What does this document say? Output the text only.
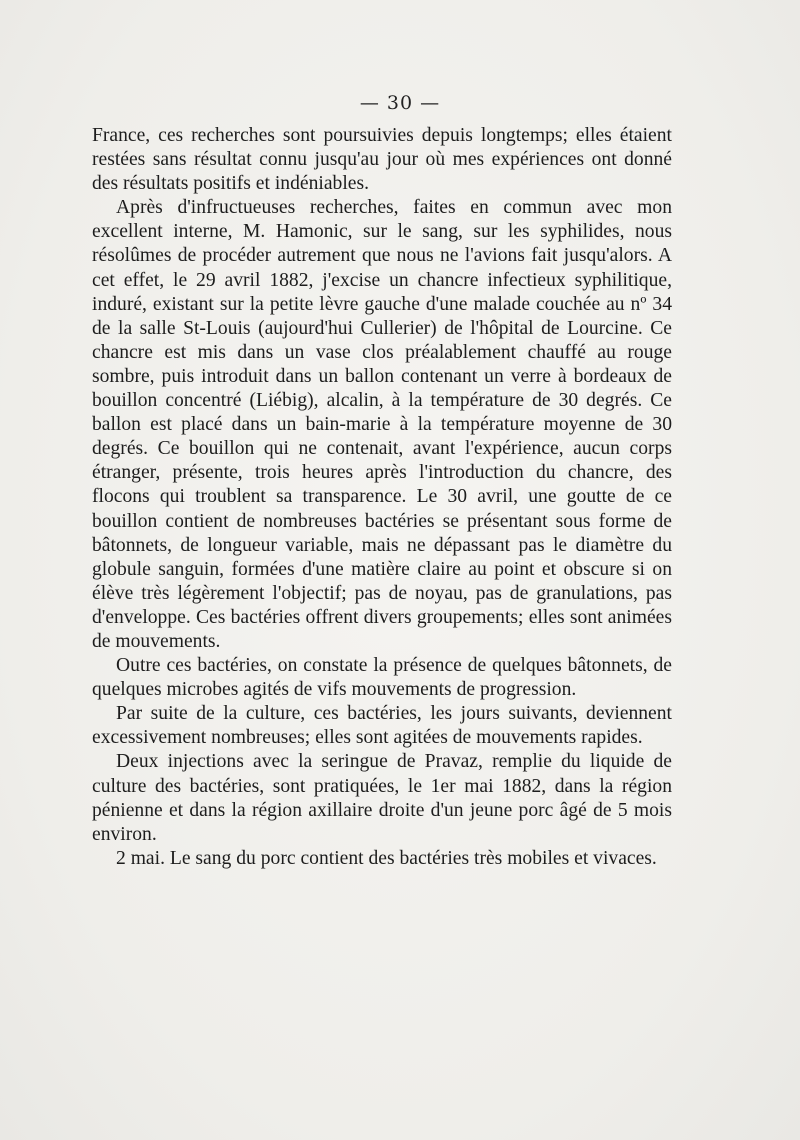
— 30 —

France, ces recherches sont poursuivies depuis longtemps; elles étaient restées sans résultat connu jusqu'au jour où mes expériences ont donné des résultats positifs et indéniables.

Après d'infructueuses recherches, faites en commun avec mon excellent interne, M. Hamonic, sur le sang, sur les syphilides, nous résolûmes de procéder autrement que nous ne l'avions fait jusqu'alors. A cet effet, le 29 avril 1882, j'excise un chancre infectieux syphilitique, induré, existant sur la petite lèvre gauche d'une malade couchée au nº 34 de la salle St-Louis (aujourd'hui Cullerier) de l'hôpital de Lourcine. Ce chancre est mis dans un vase clos préalablement chauffé au rouge sombre, puis introduit dans un ballon contenant un verre à bordeaux de bouillon concentré (Liébig), alcalin, à la température de 30 degrés. Ce ballon est placé dans un bain-marie à la température moyenne de 30 degrés. Ce bouillon qui ne contenait, avant l'expérience, aucun corps étranger, présente, trois heures après l'introduction du chancre, des flocons qui troublent sa transparence. Le 30 avril, une goutte de ce bouillon contient de nombreuses bactéries se présentant sous forme de bâtonnets, de longueur variable, mais ne dépassant pas le diamètre du globule sanguin, formées d'une matière claire au point et obscure si on élève très légèrement l'objectif; pas de noyau, pas de granulations, pas d'enveloppe. Ces bactéries offrent divers groupements; elles sont animées de mouvements.

Outre ces bactéries, on constate la présence de quelques bâtonnets, de quelques microbes agités de vifs mouvements de progression.

Par suite de la culture, ces bactéries, les jours suivants, deviennent excessivement nombreuses; elles sont agitées de mouvements rapides.

Deux injections avec la seringue de Pravaz, remplie du liquide de culture des bactéries, sont pratiquées, le 1er mai 1882, dans la région pénienne et dans la région axillaire droite d'un jeune porc âgé de 5 mois environ.

2 mai. Le sang du porc contient des bactéries très mobiles et vivaces.
